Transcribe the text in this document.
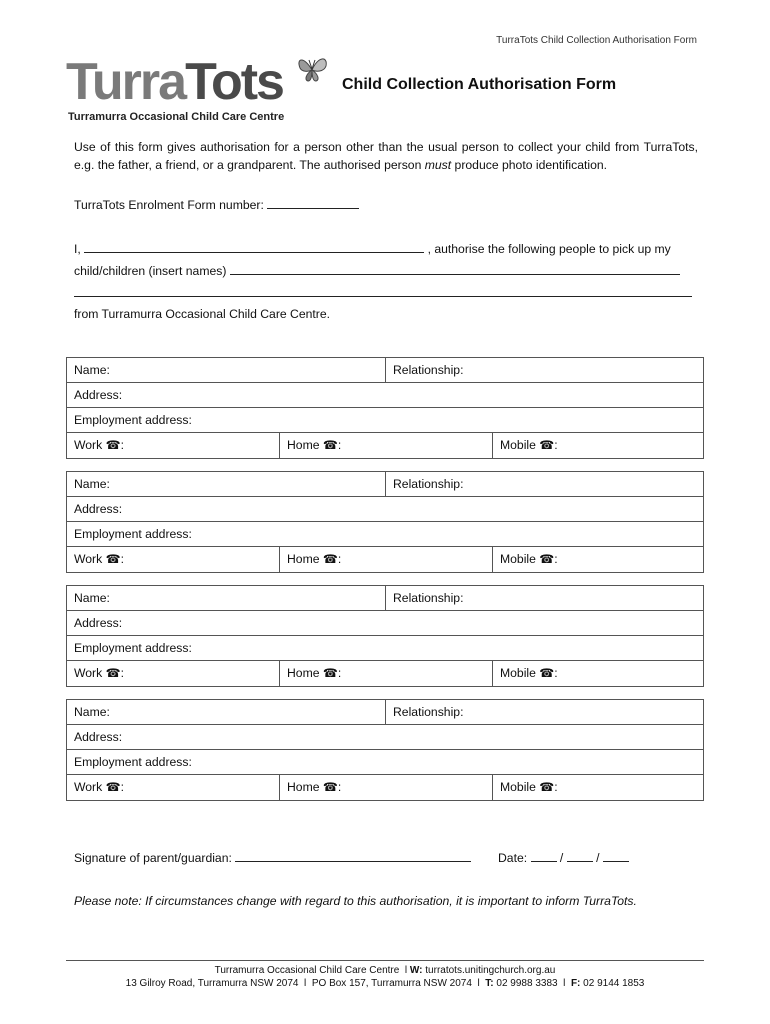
TurraTots Child Collection Authorisation Form
TurraTots
Turramurra Occasional Child Care Centre
Child Collection Authorisation Form

Use of this form gives authorisation for a person other than the usual person to collect your child from TurraTots, e.g. the father, a friend, or a grandparent. The authorised person must produce photo identification.

TurraTots Enrolment Form number:
I,	, authorise the following people to pick up my
child/children (insert names)
from Turramurra Occasional Child Care Centre.
Name:	Relationship:
Address:
Employment address:
Work ☎:	Home ☎:	Mobile ☎:
Name:	Relationship:
Address:
Employment address:
Work ☎:	Home ☎:	Mobile ☎:
Name:	Relationship:
Address:
Employment address:
Work ☎:	Home ☎:	Mobile ☎:
Name:	Relationship:
Address:
Employment address:
Work ☎:	Home ☎:	Mobile ☎:
Signature of parent/guardian:	Date:	/	/
Please note: If circumstances change with regard to this authorisation, it is important to inform TurraTots.
Turramurra Occasional Child Care Centre l W: turratots.unitingchurch.org.au
13 Gilroy Road, Turramurra NSW 2074 l PO Box 157, Turramurra NSW 2074 l T: 02 9988 3383 l F: 02 9144 1853
